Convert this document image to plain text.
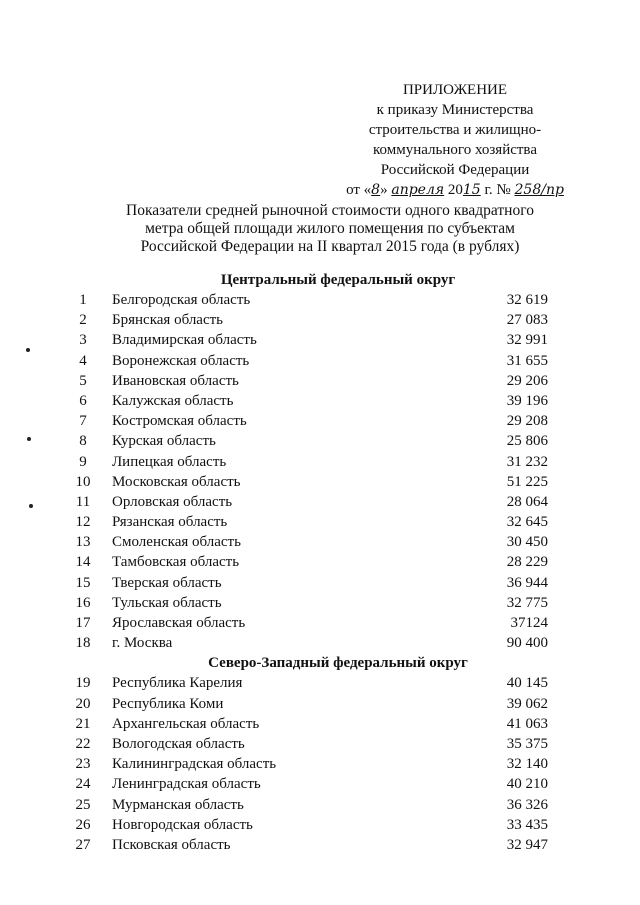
ПРИЛОЖЕНИЕ
к приказу Министерства
строительства и жилищно-
коммунального хозяйства
Российской Федерации
от «8» апреля 2015 г. № 258/пр
Показатели средней рыночной стоимости одного квадратного
метра общей площади жилого помещения по субъектам
Российской Федерации на II квартал 2015 года (в рублях)
Центральный федеральный округ
1	Белгородская область	32 619
2	Брянская область	27 083
3	Владимирская область	32 991
4	Воронежская область	31 655
5	Ивановская область	29 206
6	Калужская область	39 196
7	Костромская область	29 208
8	Курская область	25 806
9	Липецкая область	31 232
10	Московская область	51 225
11	Орловская область	28 064
12	Рязанская область	32 645
13	Смоленская область	30 450
14	Тамбовская область	28 229
15	Тверская область	36 944
16	Тульская область	32 775
17	Ярославская область	37124
18	г. Москва	90 400
Северо-Западный федеральный округ
19	Республика Карелия	40 145
20	Республика Коми	39 062
21	Архангельская область	41 063
22	Вологодская область	35 375
23	Калининградская область	32 140
24	Ленинградская область	40 210
25	Мурманская область	36 326
26	Новгородская область	33 435
27	Псковская область	32 947
